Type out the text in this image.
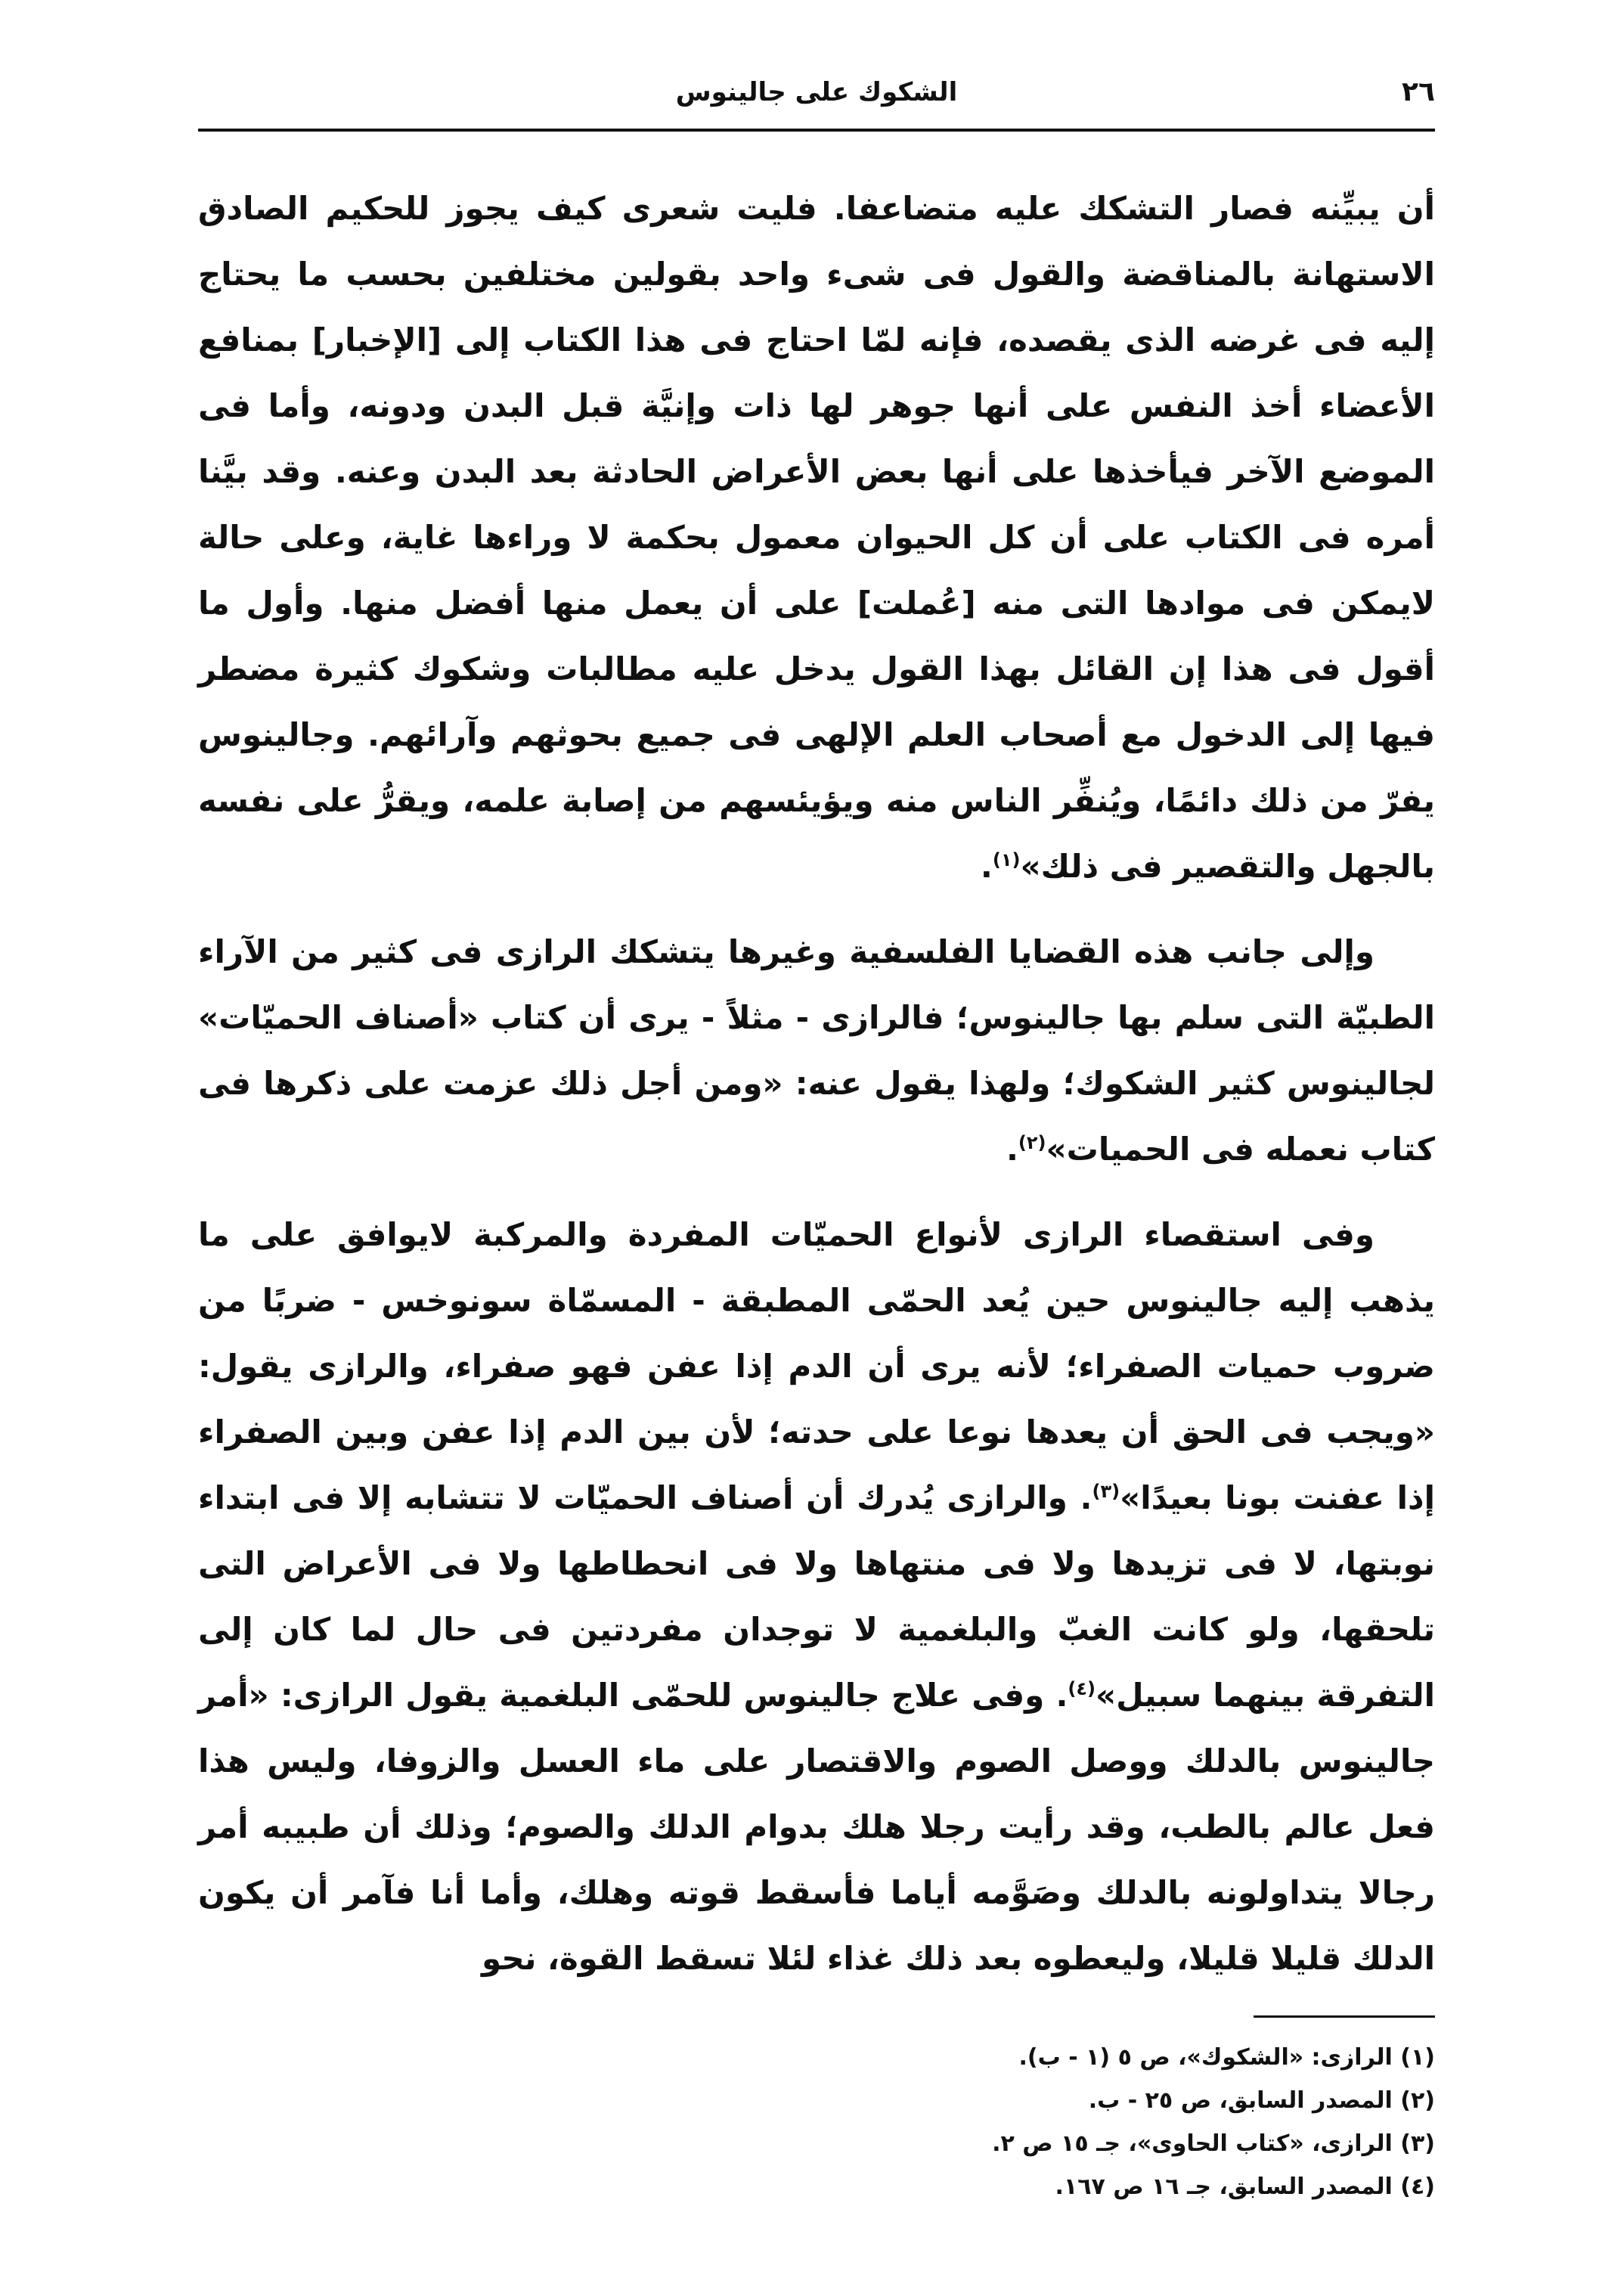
٢٦
الشكوك على جالينوس

أن يبيِّنه فصار التشكك عليه متضاعفا. فليت شعرى كيف يجوز للحكيم الصادق الاستهانة بالمناقضة والقول فى شىء واحد بقولين مختلفين بحسب ما يحتاج إليه فى غرضه الذى يقصده، فإنه لمّا احتاج فى هذا الكتاب إلى [الإخبار] بمنافع الأعضاء أخذ النفس على أنها جوهر لها ذات وإنيَّة قبل البدن ودونه، وأما فى الموضع الآخر فيأخذها على أنها بعض الأعراض الحادثة بعد البدن وعنه. وقد بيَّنا أمره فى الكتاب على أن كل الحيوان معمول بحكمة لا وراءها غاية، وعلى حالة لايمكن فى موادها التى منه [عُملت] على أن يعمل منها أفضل منها. وأول ما أقول فى هذا إن القائل بهذا القول يدخل عليه مطالبات وشكوك كثيرة مضطر فيها إلى الدخول مع أصحاب العلم الإلهى فى جميع بحوثهم وآرائهم. وجالينوس يفرّ من ذلك دائمًا، ويُنفِّر الناس منه ويؤيئسهم من إصابة علمه، ويقرُّ على نفسه بالجهل والتقصير فى ذلك»$^{(١)}$.

وإلى جانب هذه القضايا الفلسفية وغيرها يتشكك الرازى فى كثير من الآراء الطبيّة التى سلم بها جالينوس؛ فالرازى - مثلاً - يرى أن كتاب «أصناف الحميّات» لجالينوس كثير الشكوك؛ ولهذا يقول عنه: «ومن أجل ذلك عزمت على ذكرها فى كتاب نعمله فى الحميات»$^{(٢)}$.

وفى استقصاء الرازى لأنواع الحميّات المفردة والمركبة لايوافق على ما يذهب إليه جالينوس حين يُعد الحمّى المطبقة - المسمّاة سونوخس - ضربًا من ضروب حميات الصفراء؛ لأنه يرى أن الدم إذا عفن فهو صفراء، والرازى يقول: «ويجب فى الحق أن يعدها نوعا على حدته؛ لأن بين الدم إذا عفن وبين الصفراء إذا عفنت بونا بعيدًا»$^{(٣)}$. والرازى يُدرك أن أصناف الحميّات لا تتشابه إلا فى ابتداء نوبتها، لا فى تزيدها ولا فى منتهاها ولا فى انحطاطها ولا فى الأعراض التى تلحقها، ولو كانت الغبّ والبلغمية لا توجدان مفردتين فى حال لما كان إلى التفرقة بينهما سبيل»$^{(٤)}$. وفى علاج جالينوس للحمّى البلغمية يقول الرازى: «أمر جالينوس بالدلك ووصل الصوم والاقتصار على ماء العسل والزوفا، وليس هذا فعل عالم بالطب، وقد رأيت رجلا هلك بدوام الدلك والصوم؛ وذلك أن طبيبه أمر رجالا يتداولونه بالدلك وصَوَّمه أياما فأسقط قوته وهلك، وأما أنا فآمر أن يكون الدلك قليلا قليلا، وليعطوه بعد ذلك غذاء لئلا تسقط القوة، نحو

(١) الرازى: «الشكوك»، ص ٥ (١ - ب).
(٢) المصدر السابق، ص ٢٥ - ب.
(٣) الرازى، «كتاب الحاوى»، جـ ١٥ ص ٢.
(٤) المصدر السابق، جـ ١٦ ص ١٦٧.
